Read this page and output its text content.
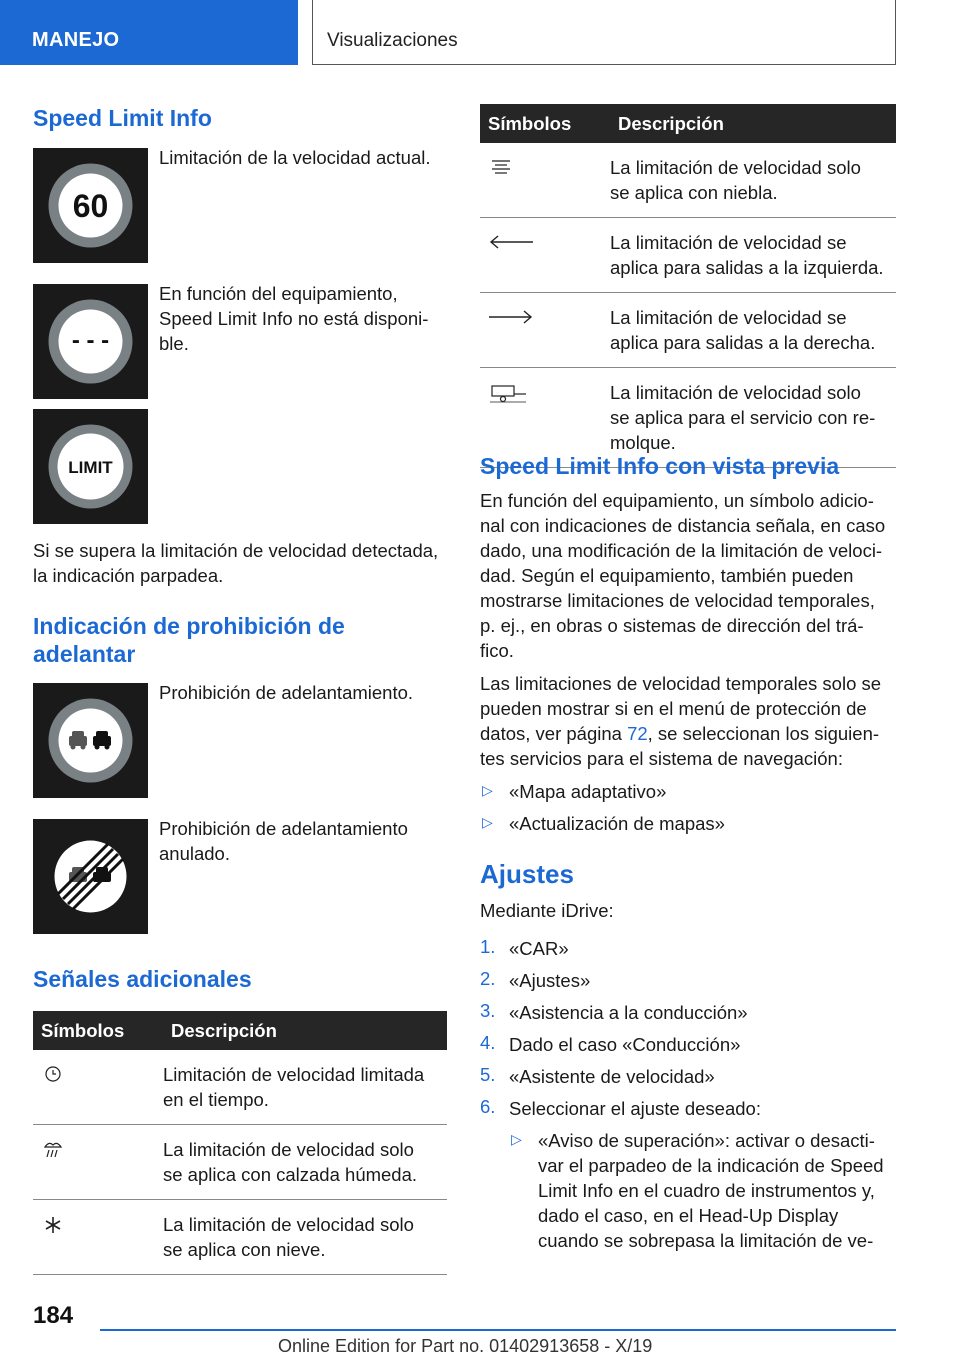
MANEJO	Visualizaciones
Speed Limit Info
60
Limitación de la velocidad actual.
- - -
En función del equipamiento,
Speed Limit Info no está disponi-
ble.
LIMIT
Si se supera la limitación de velocidad detectada,
la indicación parpadea.
Indicación de prohibición de
adelantar
Prohibición de adelantamiento.
Prohibición de adelantamiento
anulado.
Señales adicionales
Símbolos	Descripción

	Limitación de velocidad limitada
en el tiempo.

	La limitación de velocidad solo
se aplica con calzada húmeda.

	La limitación de velocidad solo
se aplica con nieve.
Símbolos	Descripción

	La limitación de velocidad solo
se aplica con niebla.

	La limitación de velocidad se
aplica para salidas a la izquierda.

	La limitación de velocidad se
aplica para salidas a la derecha.

	La limitación de velocidad solo
se aplica para el servicio con re-
molque.
Speed Limit Info con vista previa
En función del equipamiento, un símbolo adicio-
nal con indicaciones de distancia señala, en caso
dado, una modificación de la limitación de veloci-
dad. Según el equipamiento, también pueden
mostrarse limitaciones de velocidad temporales,
p. ej., en obras o sistemas de dirección del trá-
fico.
Las limitaciones de velocidad temporales solo se
pueden mostrar si en el menú de protección de
datos, ver página 72, se seleccionan los siguien-
tes servicios para el sistema de navegación:
▷ «Mapa adaptativo»
▷ «Actualización de mapas»
Ajustes
Mediante iDrive:
1. «CAR»
2. «Ajustes»
3. «Asistencia a la conducción»
4. Dado el caso «Conducción»
5. «Asistente de velocidad»
6. Seleccionar el ajuste deseado:
▷ «Aviso de superación»: activar o desacti-
var el parpadeo de la indicación de Speed
Limit Info en el cuadro de instrumentos y,
dado el caso, en el Head-Up Display
cuando se sobrepasa la limitación de ve-
184
Online Edition for Part no. 01402913658 - X/19
